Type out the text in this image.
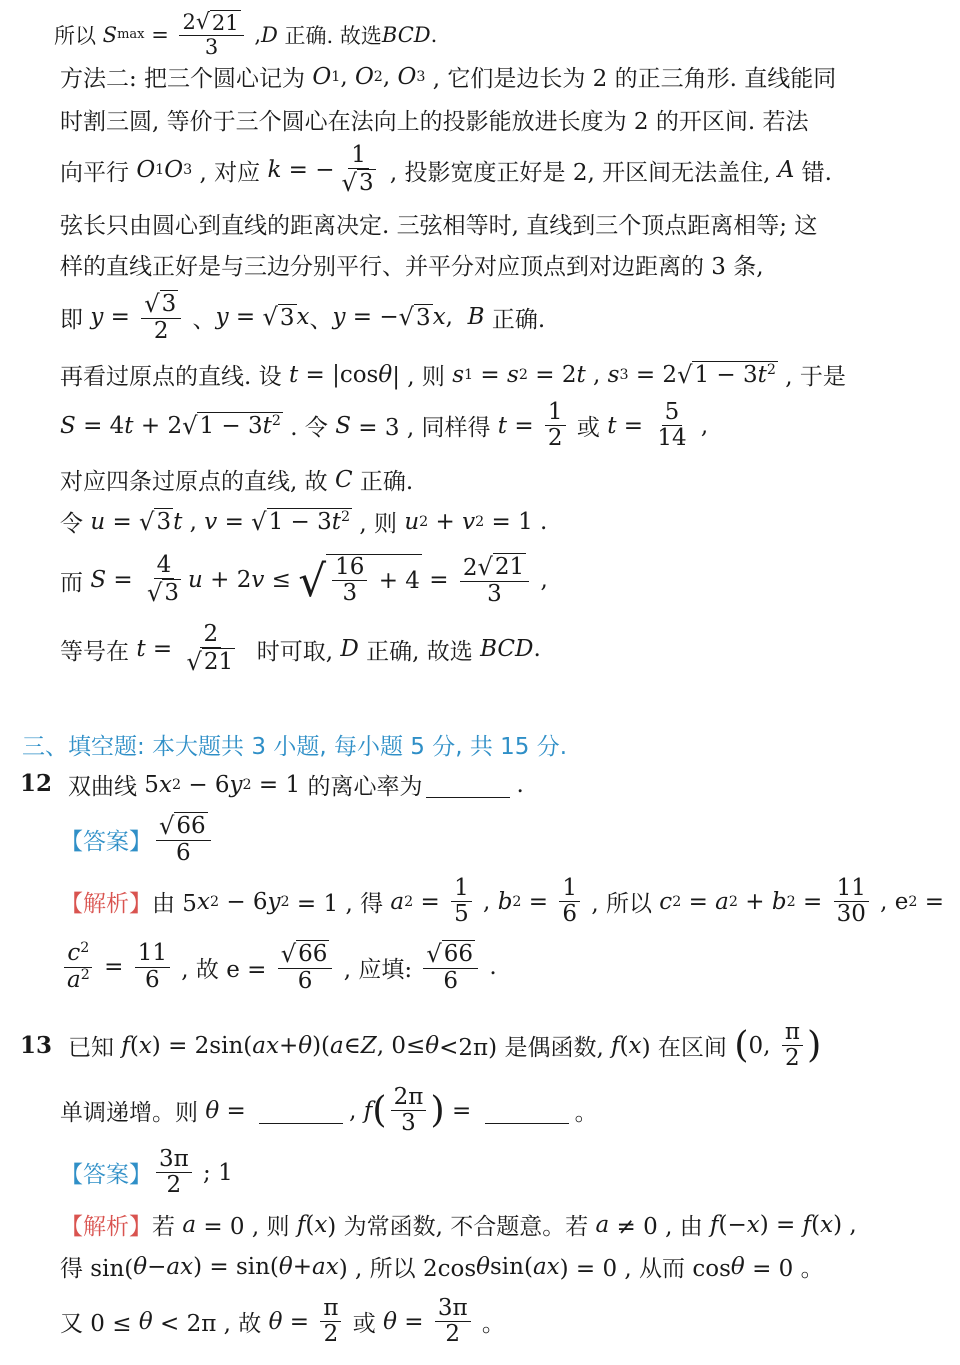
所以 S $\max = \frac{2 √ 21}{3}$ , D 正确. 故选 BCD .
方法二: 把三个圆心记为 O 1 , O 2 , O 3 , 它们是边长为 2 的正三角形. 直线能同
时割三圆, 等价于三个圆心在法向上的投影能放进长度为 2 的开区间. 若法
向平行 O 1 O 3 , 对应 k = − $\frac{1}{√ 3}$ , 投影宽度正好是 2, 开区间无法盖住, A 错.
弦长只由圆心到直线的距离决定. 三弦相等时, 直线到三个顶点距离相等; 这
样的直线正好是与三边分别平行、并平分对应顶点到对边距离的 3 条,
即 $y = \frac{√ 3}{2}$ 、 y = √ 3 x 、 y = − √ 3 x , B 正确.
再看过原点的直线. 设 t = |cos θ | , 则 s 1 = s 2 = 2 t , s 3 = 2 √ $1 - 3t^2$ , 于是
S = 4 t + 2 √ $1 - 3t^2$ . 令 S = 3 , 同样得 $t = \frac{1}{2}$ 或 $t = \frac{5}{14}$ ,
对应四条过原点的直线, 故 C 正确.
令 u = √ 3 t , v = √ $1 - 3t^2$ , 则 u 2 + v 2 = 1 .
而 $S = \frac{4}{√ 3}$ u + 2 v ≤ √ $\frac{16}{3} + 4 = \frac{2 √ 21}{3}$ ,
等号在 $t = \frac{2}{√ 21}$ 时可取, D 正确, 故选 BCD .
三、填空题: 本大题共 3 小题, 每小题 5 分, 共 15 分.
12 双曲线 5 x 2 − 6 y 2 = 1 的离心率为	.
【答案】 $\frac{√ 66}{6}$
【解析】 由 5 x 2 − 6 y 2 = 1 , 得 a $2 = \frac{1}{5}$ , b $2 = \frac{1}{6}$ , 所以 c 2 = a 2 + b $2 = \frac{11}{30}$ , e 2 =
$\frac{c^2}{a^2} = \frac{11}{6}$ , 故 $e = \frac{√ 66}{6}$ , 应填: $\frac{√ 66}{6}$ .
13 已知 f ( x ) = 2sin( ax + θ )( a ∈ Z , 0≤ θ <2π) 是偶函数, f ( x ) 在区间 ( 0, $\frac{\pi}{2}$ )
单调递增。则 θ =	, f ( $\frac{2\pi}{3}$ ) =	。
【答案】 $\frac{3\pi}{2}$ ; 1
【解析】 若 a = 0 , 则 f ( x ) 为常函数, 不合题意。若 a ≠ 0 , 由 f (− x ) = f ( x ) ,
得 sin( θ − ax ) = sin( θ + ax ) , 所以 2cos θ sin( ax ) = 0 , 从而 cos θ = 0 。
又 0 ≤ θ < 2π , 故 $\theta = \frac{\pi}{2}$ 或 $\theta = \frac{3\pi}{2}$ 。
